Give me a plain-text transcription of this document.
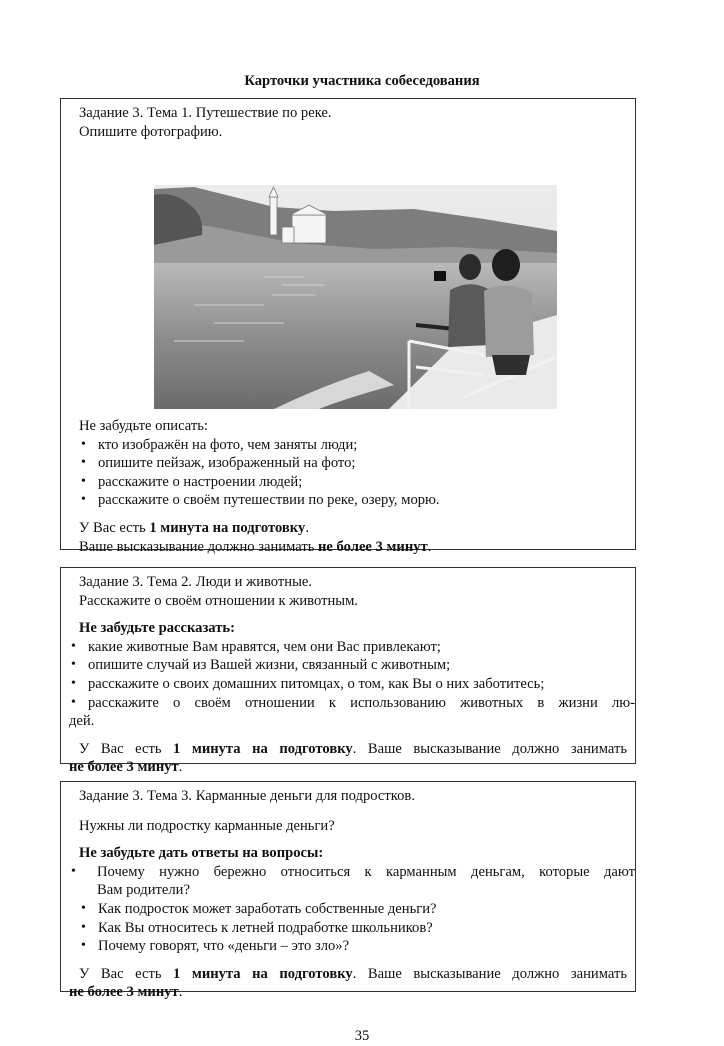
Карточки участника собеседования
Задание 3. Тема 1. Путешествие по реке.
Опишите фотографию.
Не забудьте описать:
• кто изображён на фото, чем заняты люди;
• опишите пейзаж, изображенный на фото;
• расскажите о настроении людей;
• расскажите о своём путешествии по реке, озеру, морю.
У Вас есть 1 минута на подготовку.
Ваше высказывание должно занимать не более 3 минут.
Задание 3. Тема 2. Люди и животные.
Расскажите о своём отношении к животным.
Не забудьте рассказать:
• какие животные Вам нравятся, чем они Вас привлекают;
• опишите случай из Вашей жизни, связанный с животным;
• расскажите о своих домашних питомцах, о том, как Вы о них заботитесь;
• расскажите о своём отношении к использованию животных в жизни лю-
дей.
У Вас есть 1 минута на подготовку. Ваше высказывание должно занимать
не более 3 минут.
Задание 3. Тема 3. Карманные деньги для подростков.
Нужны ли подростку карманные деньги?
Не забудьте дать ответы на вопросы:
• Почему нужно бережно относиться к карманным деньгам, которые дают
Вам родители?
• Как подросток может заработать собственные деньги?
• Как Вы относитесь к летней подработке школьников?
• Почему говорят, что «деньги – это зло»?
У Вас есть 1 минута на подготовку. Ваше высказывание должно занимать
не более 3 минут.
35
